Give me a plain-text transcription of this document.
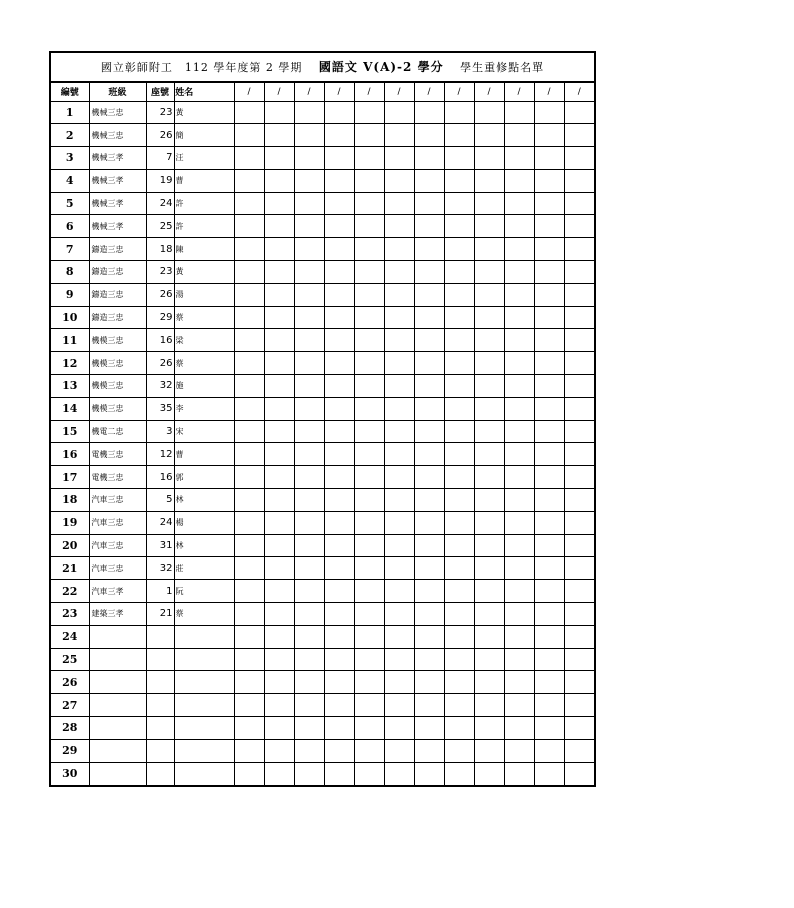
國立彰師附工 112 學年度第 2 學期 國語文 V(A)-2 學分 學生重修點名單
編號	班級	座號	姓名		/	/	/	/	/	/	/	/	/	/	/	/
1	機械三忠	23	黃													
2	機械三忠	26	簡													
3	機械三孝	7	汪													
4	機械三孝	19	曹													
5	機械三孝	24	許													
6	機械三孝	25	許													
7	鑄造三忠	18	陳													
8	鑄造三忠	23	黃													
9	鑄造三忠	26	湯													
10	鑄造三忠	29	蔡													
11	機模三忠	16	梁													
12	機模三忠	26	蔡													
13	機模三忠	32	施													
14	機模三忠	35	李													
15	機電二忠	3	宋													
16	電機三忠	12	曹													
17	電機三忠	16	郭													
18	汽車三忠	5	林													
19	汽車三忠	24	楊													
20	汽車三忠	31	林													
21	汽車三忠	32	莊													
22	汽車三孝	1	阮													
23	建築三孝	21	蔡													
24																
25																
26																
27																
28																
29																
30																
